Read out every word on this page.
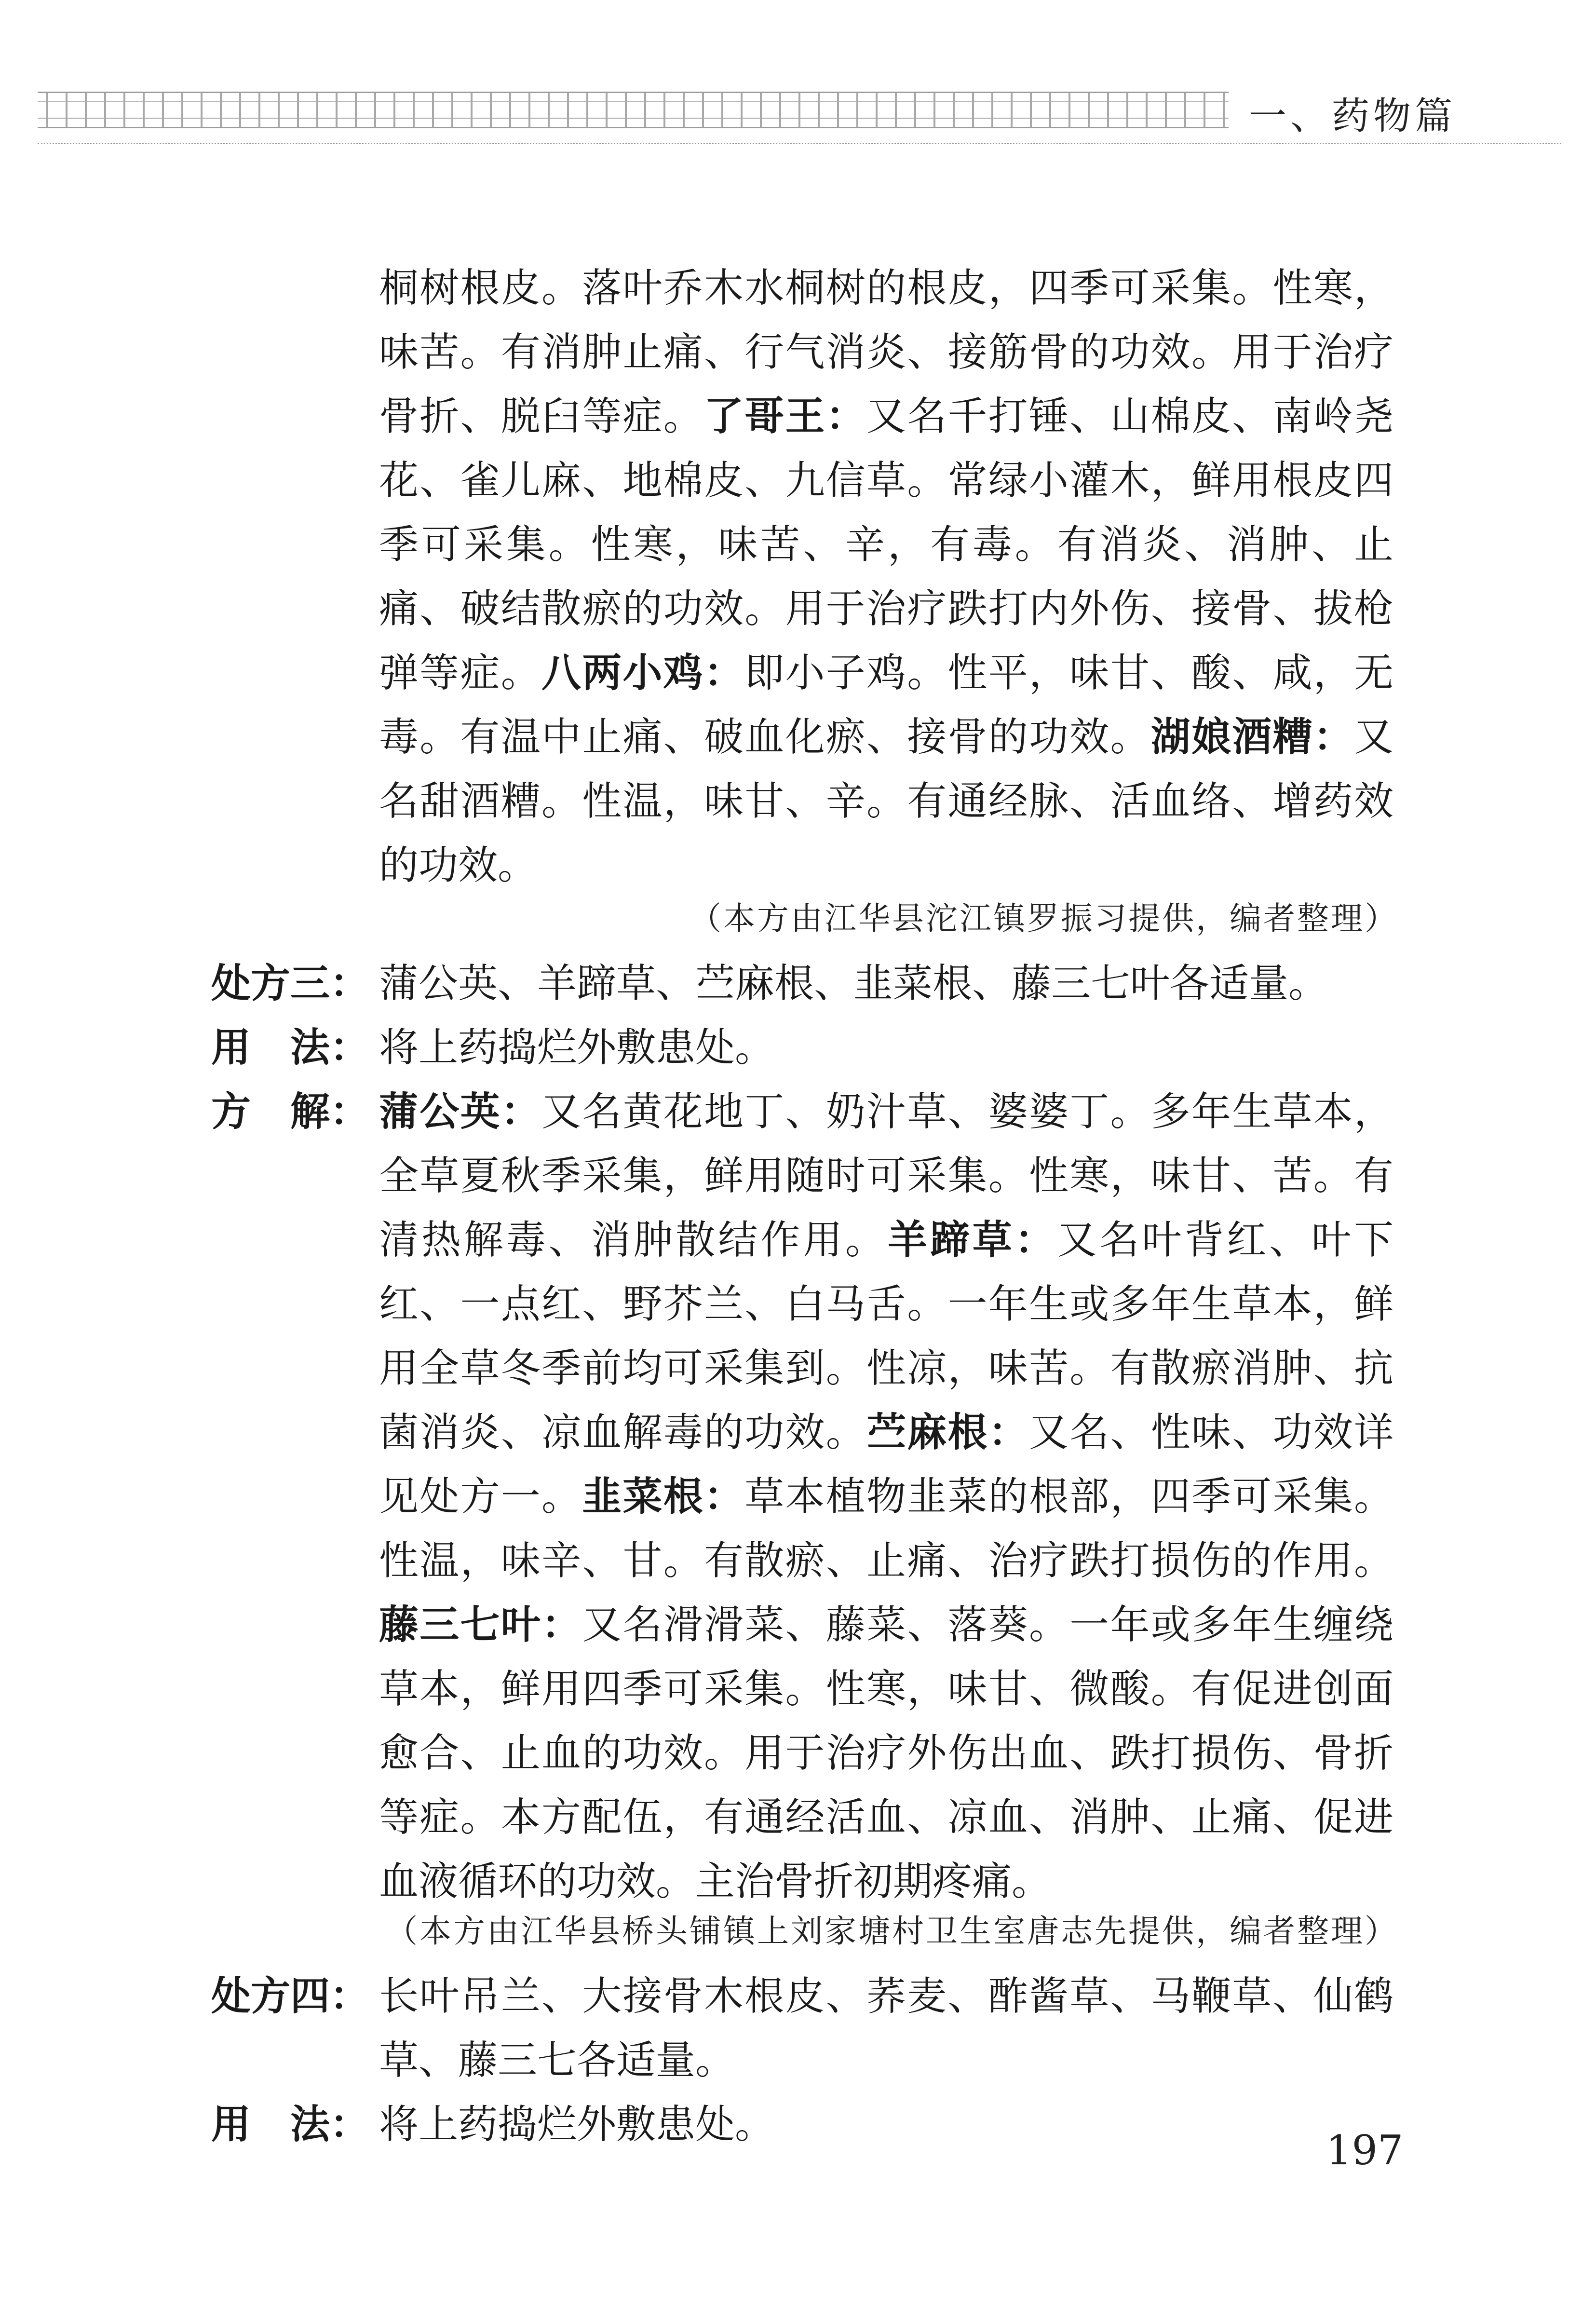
一、药物篇
桐树根皮。落叶乔木水桐树的根皮，四季可采集。性寒，
味苦。有消肿止痛、行气消炎、接筋骨的功效。用于治疗
骨折、脱臼等症。了哥王：又名千打锤、山棉皮、南岭尧
花、雀儿麻、地棉皮、九信草。常绿小灌木，鲜用根皮四
季可采集。性寒，味苦、辛，有毒。有消炎、消肿、止
痛、破结散瘀的功效。用于治疗跌打内外伤、接骨、拔枪
弹等症。八两小鸡：即小子鸡。性平，味甘、酸、咸，无
毒。有温中止痛、破血化瘀、接骨的功效。湖娘酒糟：又
名甜酒糟。性温，味甘、辛。有通经脉、活血络、增药效
的功效。
（本方由江华县沱江镇罗振习提供，编者整理）
处方三： 蒲公英、羊蹄草、苎麻根、韭菜根、藤三七叶各适量。
用　法： 将上药捣烂外敷患处。
方　解： 蒲公英：又名黄花地丁、奶汁草、婆婆丁。多年生草本，
全草夏秋季采集，鲜用随时可采集。性寒，味甘、苦。有
清热解毒、消肿散结作用。羊蹄草：又名叶背红、叶下
红、一点红、野芥兰、白马舌。一年生或多年生草本，鲜
用全草冬季前均可采集到。性凉，味苦。有散瘀消肿、抗
菌消炎、凉血解毒的功效。苎麻根：又名、性味、功效详
见处方一。韭菜根：草本植物韭菜的根部，四季可采集。
性温，味辛、甘。有散瘀、止痛、治疗跌打损伤的作用。
藤三七叶：又名滑滑菜、藤菜、落葵。一年或多年生缠绕
草本，鲜用四季可采集。性寒，味甘、微酸。有促进创面
愈合、止血的功效。用于治疗外伤出血、跌打损伤、骨折
等症。本方配伍，有通经活血、凉血、消肿、止痛、促进
血液循环的功效。主治骨折初期疼痛。
（本方由江华县桥头铺镇上刘家塘村卫生室唐志先提供，编者整理）
处方四： 长叶吊兰、大接骨木根皮、荞麦、酢酱草、马鞭草、仙鹤
草、藤三七各适量。
用　法： 将上药捣烂外敷患处。
197
